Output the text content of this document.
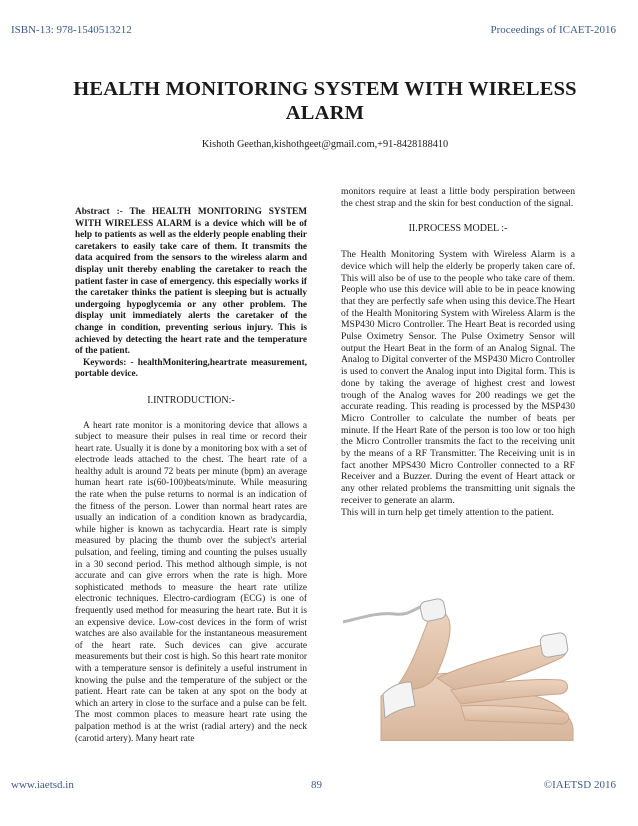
ISBN-13: 978-1540513212	Proceedings of ICAET-2016
HEALTH MONITORING SYSTEM WITH WIRELESS ALARM
Kishoth Geethan,kishothgeet@gmail.com,+91-8428188410

Abstract :- The HEALTH MONITORING SYSTEM WITH WIRELESS ALARM is a device which will be of help to patients as well as the elderly people enabling their caretakers to easily take care of them. It transmits the data acquired from the sensors to the wireless alarm and display unit thereby enabling the caretaker to reach the patient faster in case of emergency. this especially works if the caretaker thinks the patient is sleeping but is actually undergoing hypoglycemia or any other problem. The display unit immediately alerts the caretaker of the change in condition, preventing serious injury. This is achieved by detecting the heart rate and the temperature of the patient.

Keywords: - healthMonitering,heartrate measurement, portable device.

I.INTRODUCTION:-

A heart rate monitor is a monitoring device that allows a subject to measure their pulses in real time or record their heart rate. Usually it is done by a monitoring box with a set of electrode leads attached to the chest. The heart rate of a healthy adult is around 72 beats per minute (bpm) an average human heart rate is(60-100)beats/minute. While measuring the rate when the pulse returns to normal is an indication of the fitness of the person. Lower than normal heart rates are usually an indication of a condition known as bradycardia, while higher is known as tachycardia. Heart rate is simply measured by placing the thumb over the subject's arterial pulsation, and feeling, timing and counting the pulses usually in a 30 second period. This method although simple, is not accurate and can give errors when the rate is high. More sophisticated methods to measure the heart rate utilize electronic techniques. Electro-cardiogram (ECG) is one of frequently used method for measuring the heart rate. But it is an expensive device. Low-cost devices in the form of wrist watches are also available for the instantaneous measurement of the heart rate. Such devices can give accurate measurements but their cost is high. So this heart rate monitor with a temperature sensor is definitely a useful instrument in knowing the pulse and the temperature of the subject or the patient. Heart rate can be taken at any spot on the body at which an artery in close to the surface and a pulse can be felt. The most common places to measure heart rate using the palpation method is at the wrist (radial artery) and the neck (carotid artery). Many heart rate

monitors require at least a little body perspiration between the chest strap and the skin for best conduction of the signal.

II.PROCESS MODEL :-

The Health Monitoring System with Wireless Alarm is a device which will help the elderly be properly taken care of. This will also be of use to the people who take care of them. People who use this device will able to be in peace knowing that they are perfectly safe when using this device.The Heart of the Health Monitoring System with Wireless Alarm is the MSP430 Micro Controller. The Heart Beat is recorded using Pulse Oximetry Sensor. The Pulse Oximetry Sensor will output the Heart Beat in the form of an Analog Signal. The Analog to Digital converter of the MSP430 Micro Controller is used to convert the Analog input into Digital form. This is done by taking the average of highest crest and lowest trough of the Analog waves for 200 readings we get the accurate reading. This reading is processed by the MSP430 Micro Controller to calculate the number of beats per minute. If the Heart Rate of the person is too low or too high the Micro Controller transmits the fact to the receiving unit by the means of a RF Transmitter. The Receiving unit is in fact another MPS430 Micro Controller connected to a RF Receiver and a Buzzer. During the event of Heart attack or any other related problems the transmitting unit signals the receiver to generate an alarm.

This will in turn help get timely attention to the patient.

www.iaetsd.in	89	©IAETSD 2016
